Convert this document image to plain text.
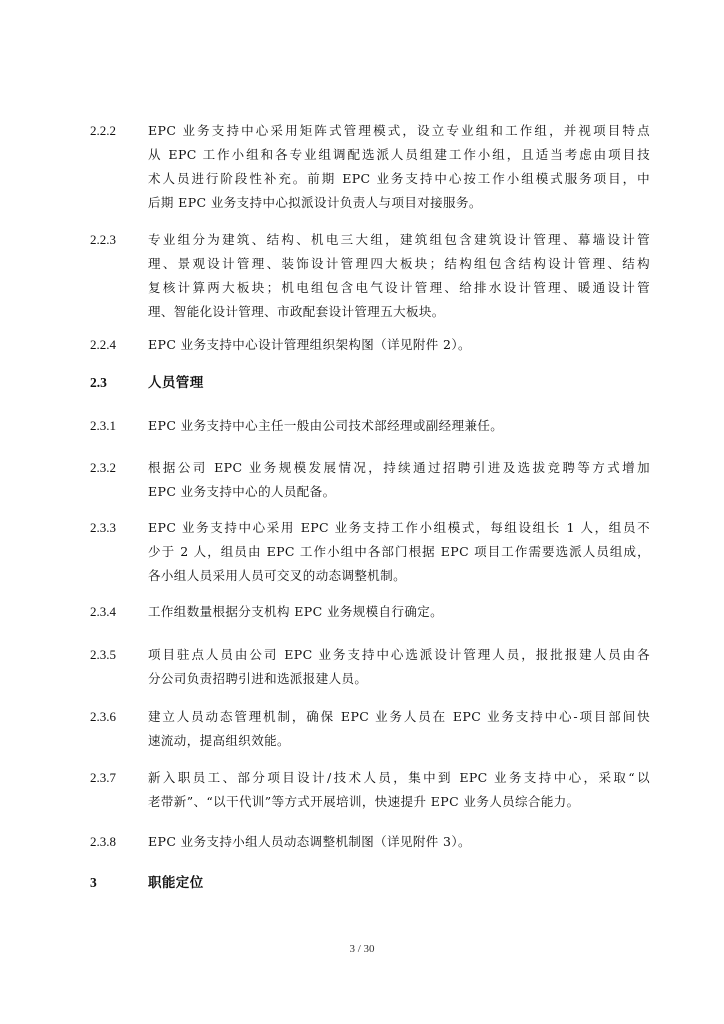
2.2.2	EPC 业务支持中心采用矩阵式管理模式，设立专业组和工作组，并视项目特点
从 EPC 工作小组和各专业组调配选派人员组建工作小组，且适当考虑由项目技
术人员进行阶段性补充。前期 EPC 业务支持中心按工作小组模式服务项目，中
后期 EPC 业务支持中心拟派设计负责人与项目对接服务。
2.2.3	专业组分为建筑、结构、机电三大组，建筑组包含建筑设计管理、幕墙设计管
理、景观设计管理、装饰设计管理四大板块；结构组包含结构设计管理、结构
复核计算两大板块；机电组包含电气设计管理、给排水设计管理、暖通设计管
理、智能化设计管理、市政配套设计管理五大板块。
2.2.4	EPC 业务支持中心设计管理组织架构图（详见附件 2）。
2.3	人员管理
2.3.1	EPC 业务支持中心主任一般由公司技术部经理或副经理兼任。
2.3.2	根据公司 EPC 业务规模发展情况，持续通过招聘引进及选拔竞聘等方式增加
EPC 业务支持中心的人员配备。
2.3.3	EPC 业务支持中心采用 EPC 业务支持工作小组模式，每组设组长 1 人，组员不
少于 2 人，组员由 EPC 工作小组中各部门根据 EPC 项目工作需要选派人员组成，
各小组人员采用人员可交叉的动态调整机制。
2.3.4	工作组数量根据分支机构 EPC 业务规模自行确定。
2.3.5	项目驻点人员由公司 EPC 业务支持中心选派设计管理人员，报批报建人员由各
分公司负责招聘引进和选派报建人员。
2.3.6	建立人员动态管理机制，确保 EPC 业务人员在 EPC 业务支持中心-项目部间快
速流动，提高组织效能。
2.3.7	新入职员工、部分项目设计/技术人员，集中到 EPC 业务支持中心，采取“以
老带新”、“以干代训”等方式开展培训，快速提升 EPC 业务人员综合能力。
2.3.8	EPC 业务支持小组人员动态调整机制图（详见附件 3）。
3	职能定位
3 / 30
